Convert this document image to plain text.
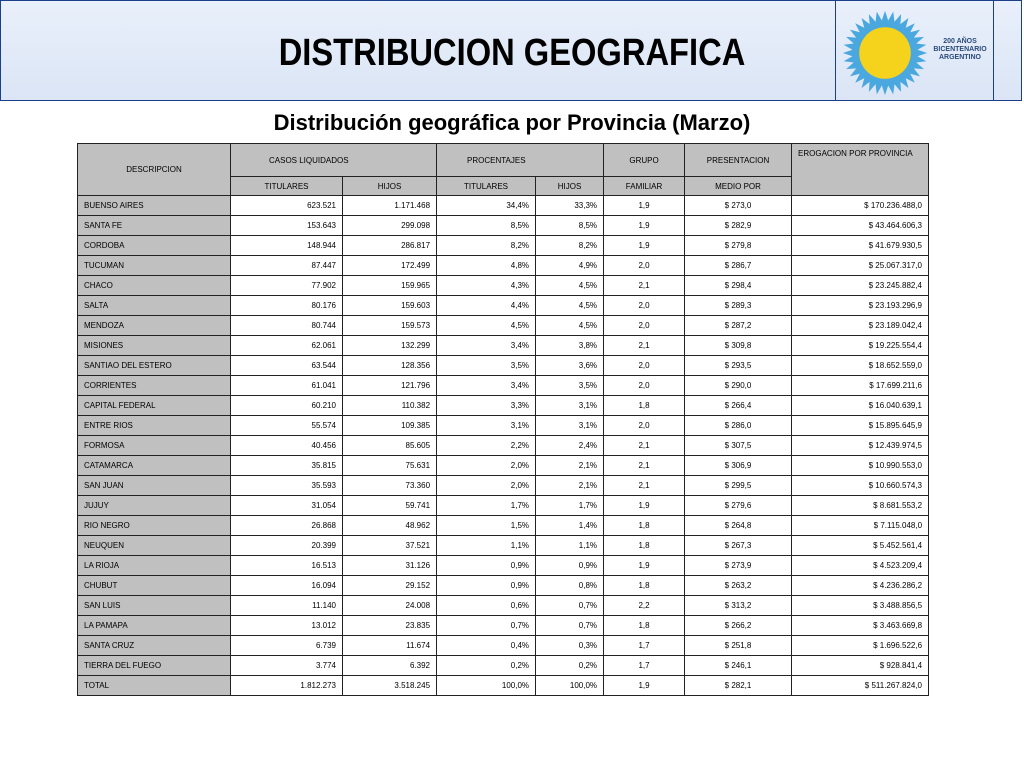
DISTRIBUCION GEOGRAFICA	200 AÑOS
BICENTENARIO
ARGENTINO
Distribución geográfica por Provincia (Marzo)
DESCRIPCION	CASOS LIQUIDADOS		PROCENTAJES		GRUPO	PRESENTACION	EROGACION POR PROVINCIA
	TITULARES	HIJOS	TITULARES	HIJOS	FAMILIAR	MEDIO POR	
BUENSO AIRES	623.521	1.171.468	34,4%	33,3%	1,9	$ 273,0	$ 170.236.488,0
SANTA FE	153.643	299.098	8,5%	8,5%	1,9	$ 282,9	$ 43.464.606,3
CORDOBA	148.944	286.817	8,2%	8,2%	1,9	$ 279,8	$ 41.679.930,5
TUCUMAN	87.447	172.499	4,8%	4,9%	2,0	$ 286,7	$ 25.067.317,0
CHACO	77.902	159.965	4,3%	4,5%	2,1	$ 298,4	$ 23.245.882,4
SALTA	80.176	159.603	4,4%	4,5%	2,0	$ 289,3	$ 23.193.296,9
MENDOZA	80.744	159.573	4,5%	4,5%	2,0	$ 287,2	$ 23.189.042,4
MISIONES	62.061	132.299	3,4%	3,8%	2,1	$ 309,8	$ 19.225.554,4
SANTIAO DEL ESTERO	63.544	128.356	3,5%	3,6%	2,0	$ 293,5	$ 18.652.559,0
CORRIENTES	61.041	121.796	3,4%	3,5%	2,0	$ 290,0	$ 17.699.211,6
CAPITAL FEDERAL	60.210	110.382	3,3%	3,1%	1,8	$ 266,4	$ 16.040.639,1
ENTRE RIOS	55.574	109.385	3,1%	3,1%	2,0	$ 286,0	$ 15.895.645,9
FORMOSA	40.456	85.605	2,2%	2,4%	2,1	$ 307,5	$ 12.439.974,5
CATAMARCA	35.815	75.631	2,0%	2,1%	2,1	$ 306,9	$ 10.990.553,0
SAN JUAN	35.593	73.360	2,0%	2,1%	2,1	$ 299,5	$ 10.660.574,3
JUJUY	31.054	59.741	1,7%	1,7%	1,9	$ 279,6	$ 8.681.553,2
RIO NEGRO	26.868	48.962	1,5%	1,4%	1,8	$ 264,8	$ 7.115.048,0
NEUQUEN	20.399	37.521	1,1%	1,1%	1,8	$ 267,3	$ 5.452.561,4
LA RIOJA	16.513	31.126	0,9%	0,9%	1,9	$ 273,9	$ 4.523.209,4
CHUBUT	16.094	29.152	0,9%	0,8%	1,8	$ 263,2	$ 4.236.286,2
SAN LUIS	11.140	24.008	0,6%	0,7%	2,2	$ 313,2	$ 3.488.856,5
LA PAMAPA	13.012	23.835	0,7%	0,7%	1,8	$ 266,2	$ 3.463.669,8
SANTA CRUZ	6.739	11.674	0,4%	0,3%	1,7	$ 251,8	$ 1.696.522,6
TIERRA DEL FUEGO	3.774	6.392	0,2%	0,2%	1,7	$ 246,1	$ 928.841,4
TOTAL	1.812.273	3.518.245	100,0%	100,0%	1,9	$ 282,1	$ 511.267.824,0
